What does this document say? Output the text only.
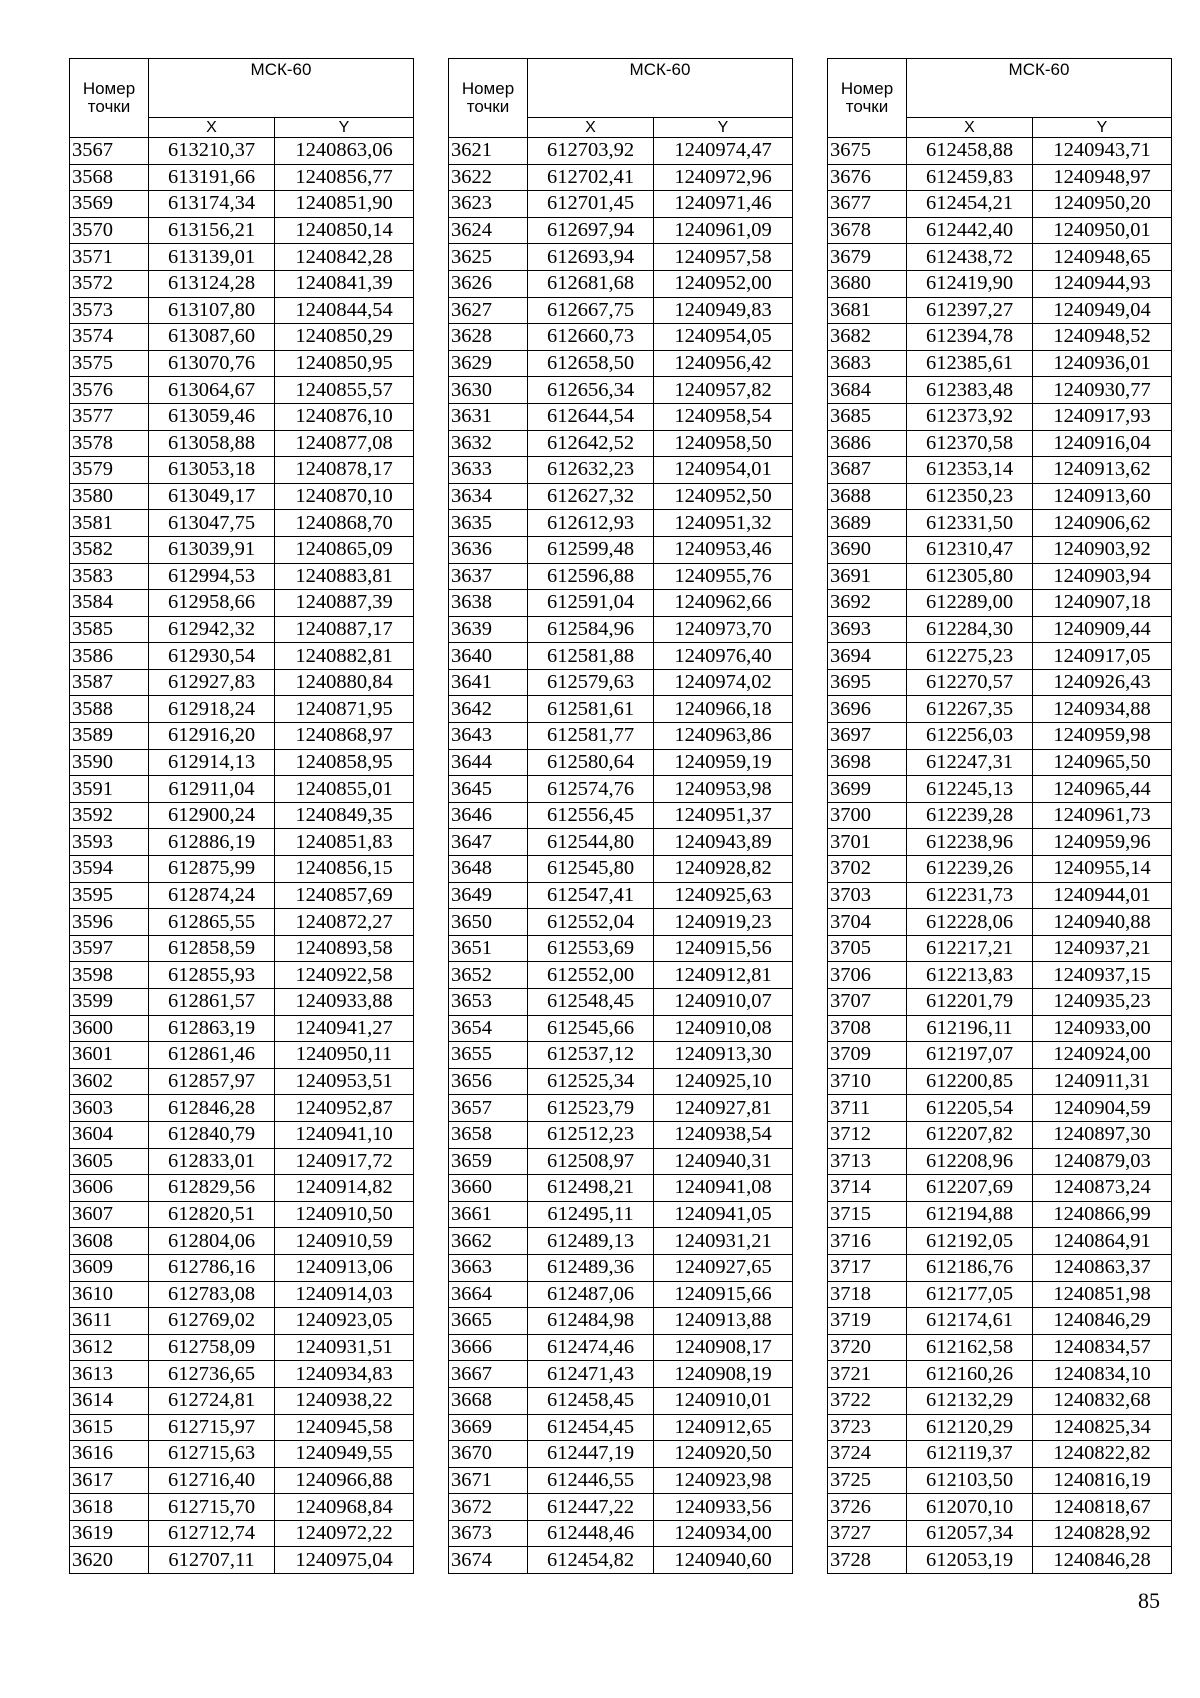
Номер точки	МСК-60	
	X	Y
3567	613210,37	1240863,06
3568	613191,66	1240856,77
3569	613174,34	1240851,90
3570	613156,21	1240850,14
3571	613139,01	1240842,28
3572	613124,28	1240841,39
3573	613107,80	1240844,54
3574	613087,60	1240850,29
3575	613070,76	1240850,95
3576	613064,67	1240855,57
3577	613059,46	1240876,10
3578	613058,88	1240877,08
3579	613053,18	1240878,17
3580	613049,17	1240870,10
3581	613047,75	1240868,70
3582	613039,91	1240865,09
3583	612994,53	1240883,81
3584	612958,66	1240887,39
3585	612942,32	1240887,17
3586	612930,54	1240882,81
3587	612927,83	1240880,84
3588	612918,24	1240871,95
3589	612916,20	1240868,97
3590	612914,13	1240858,95
3591	612911,04	1240855,01
3592	612900,24	1240849,35
3593	612886,19	1240851,83
3594	612875,99	1240856,15
3595	612874,24	1240857,69
3596	612865,55	1240872,27
3597	612858,59	1240893,58
3598	612855,93	1240922,58
3599	612861,57	1240933,88
3600	612863,19	1240941,27
3601	612861,46	1240950,11
3602	612857,97	1240953,51
3603	612846,28	1240952,87
3604	612840,79	1240941,10
3605	612833,01	1240917,72
3606	612829,56	1240914,82
3607	612820,51	1240910,50
3608	612804,06	1240910,59
3609	612786,16	1240913,06
3610	612783,08	1240914,03
3611	612769,02	1240923,05
3612	612758,09	1240931,51
3613	612736,65	1240934,83
3614	612724,81	1240938,22
3615	612715,97	1240945,58
3616	612715,63	1240949,55
3617	612716,40	1240966,88
3618	612715,70	1240968,84
3619	612712,74	1240972,22
3620	612707,11	1240975,04
Номер точки	МСК-60	
	X	Y
3621	612703,92	1240974,47
3622	612702,41	1240972,96
3623	612701,45	1240971,46
3624	612697,94	1240961,09
3625	612693,94	1240957,58
3626	612681,68	1240952,00
3627	612667,75	1240949,83
3628	612660,73	1240954,05
3629	612658,50	1240956,42
3630	612656,34	1240957,82
3631	612644,54	1240958,54
3632	612642,52	1240958,50
3633	612632,23	1240954,01
3634	612627,32	1240952,50
3635	612612,93	1240951,32
3636	612599,48	1240953,46
3637	612596,88	1240955,76
3638	612591,04	1240962,66
3639	612584,96	1240973,70
3640	612581,88	1240976,40
3641	612579,63	1240974,02
3642	612581,61	1240966,18
3643	612581,77	1240963,86
3644	612580,64	1240959,19
3645	612574,76	1240953,98
3646	612556,45	1240951,37
3647	612544,80	1240943,89
3648	612545,80	1240928,82
3649	612547,41	1240925,63
3650	612552,04	1240919,23
3651	612553,69	1240915,56
3652	612552,00	1240912,81
3653	612548,45	1240910,07
3654	612545,66	1240910,08
3655	612537,12	1240913,30
3656	612525,34	1240925,10
3657	612523,79	1240927,81
3658	612512,23	1240938,54
3659	612508,97	1240940,31
3660	612498,21	1240941,08
3661	612495,11	1240941,05
3662	612489,13	1240931,21
3663	612489,36	1240927,65
3664	612487,06	1240915,66
3665	612484,98	1240913,88
3666	612474,46	1240908,17
3667	612471,43	1240908,19
3668	612458,45	1240910,01
3669	612454,45	1240912,65
3670	612447,19	1240920,50
3671	612446,55	1240923,98
3672	612447,22	1240933,56
3673	612448,46	1240934,00
3674	612454,82	1240940,60
Номер точки	МСК-60	
	X	Y
3675	612458,88	1240943,71
3676	612459,83	1240948,97
3677	612454,21	1240950,20
3678	612442,40	1240950,01
3679	612438,72	1240948,65
3680	612419,90	1240944,93
3681	612397,27	1240949,04
3682	612394,78	1240948,52
3683	612385,61	1240936,01
3684	612383,48	1240930,77
3685	612373,92	1240917,93
3686	612370,58	1240916,04
3687	612353,14	1240913,62
3688	612350,23	1240913,60
3689	612331,50	1240906,62
3690	612310,47	1240903,92
3691	612305,80	1240903,94
3692	612289,00	1240907,18
3693	612284,30	1240909,44
3694	612275,23	1240917,05
3695	612270,57	1240926,43
3696	612267,35	1240934,88
3697	612256,03	1240959,98
3698	612247,31	1240965,50
3699	612245,13	1240965,44
3700	612239,28	1240961,73
3701	612238,96	1240959,96
3702	612239,26	1240955,14
3703	612231,73	1240944,01
3704	612228,06	1240940,88
3705	612217,21	1240937,21
3706	612213,83	1240937,15
3707	612201,79	1240935,23
3708	612196,11	1240933,00
3709	612197,07	1240924,00
3710	612200,85	1240911,31
3711	612205,54	1240904,59
3712	612207,82	1240897,30
3713	612208,96	1240879,03
3714	612207,69	1240873,24
3715	612194,88	1240866,99
3716	612192,05	1240864,91
3717	612186,76	1240863,37
3718	612177,05	1240851,98
3719	612174,61	1240846,29
3720	612162,58	1240834,57
3721	612160,26	1240834,10
3722	612132,29	1240832,68
3723	612120,29	1240825,34
3724	612119,37	1240822,82
3725	612103,50	1240816,19
3726	612070,10	1240818,67
3727	612057,34	1240828,92
3728	612053,19	1240846,28
85
